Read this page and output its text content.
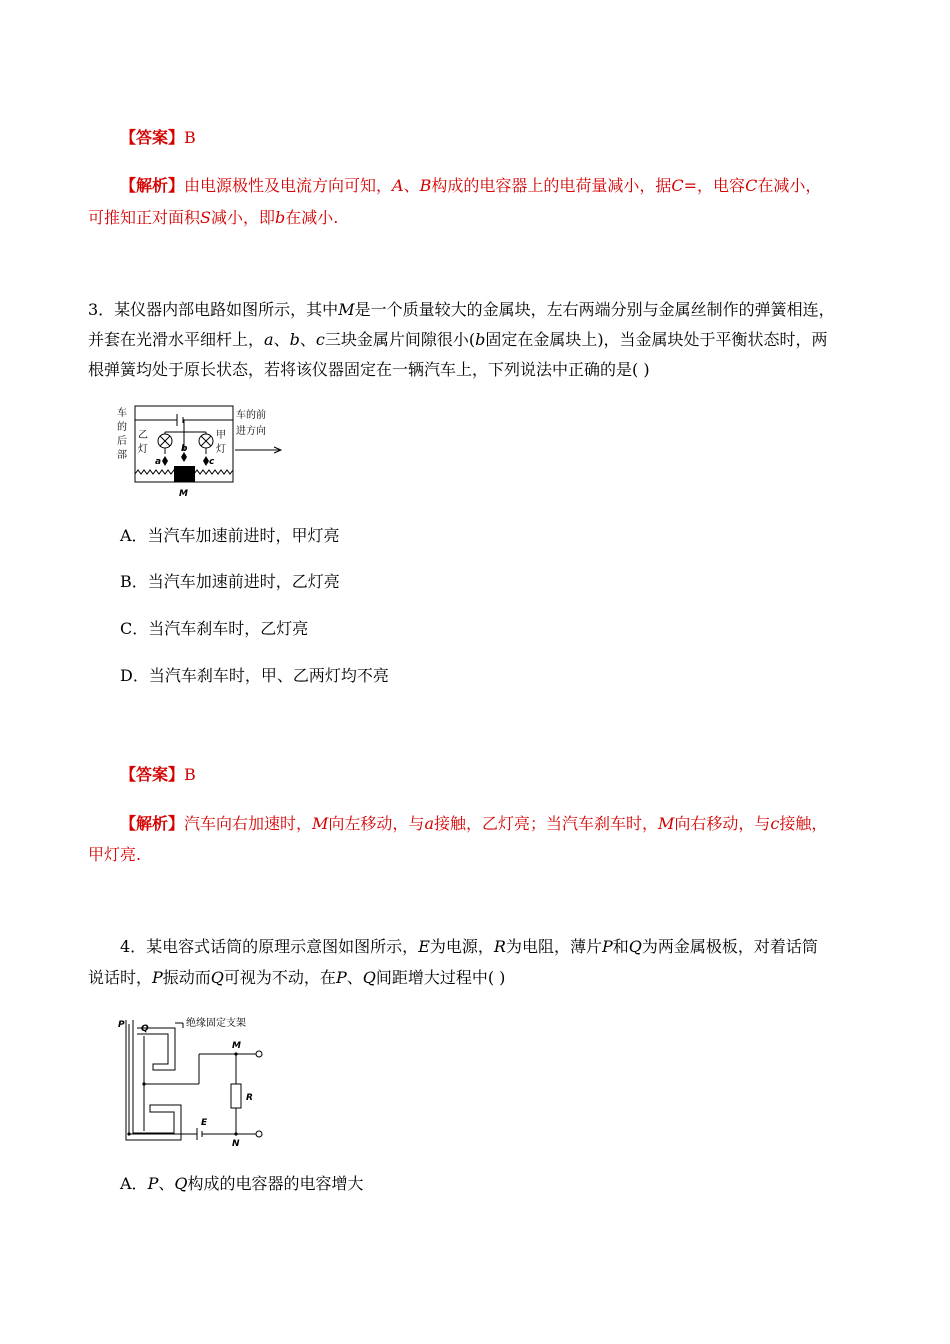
【答案】B
【解析】由电源极性及电流方向可知，A、B构成的电容器上的电荷量减小，据C=，电容C在减小，
可推知正对面积S减小，即b在减小.
3．某仪器内部电路如图所示，其中M是一个质量较大的金属块，左右两端分别与金属丝制作的弹簧相连，
并套在光滑水平细杆上，a、b、c三块金属片间隙很小(b固定在金属块上)，当金属块处于平衡状态时，两
根弹簧均处于原长状态，若将该仪器固定在一辆汽车上，下列说法中正确的是( )
车
的
后
部
乙
灯
甲
灯
车的前
进方向
a
b
c
M
A．当汽车加速前进时，甲灯亮
B．当汽车加速前进时，乙灯亮
C．当汽车刹车时，乙灯亮
D．当汽车刹车时，甲、乙两灯均不亮
【答案】B
【解析】汽车向右加速时，M向左移动，与a接触，乙灯亮；当汽车刹车时，M向右移动，与c接触，
甲灯亮.
4．某电容式话筒的原理示意图如图所示，E为电源，R为电阻，薄片P和Q为两金属极板，对着话筒
说话时，P振动而Q可视为不动，在P、Q间距增大过程中( )
P Q
M
R
E
N
绝缘固定支架
A．P、Q构成的电容器的电容增大
